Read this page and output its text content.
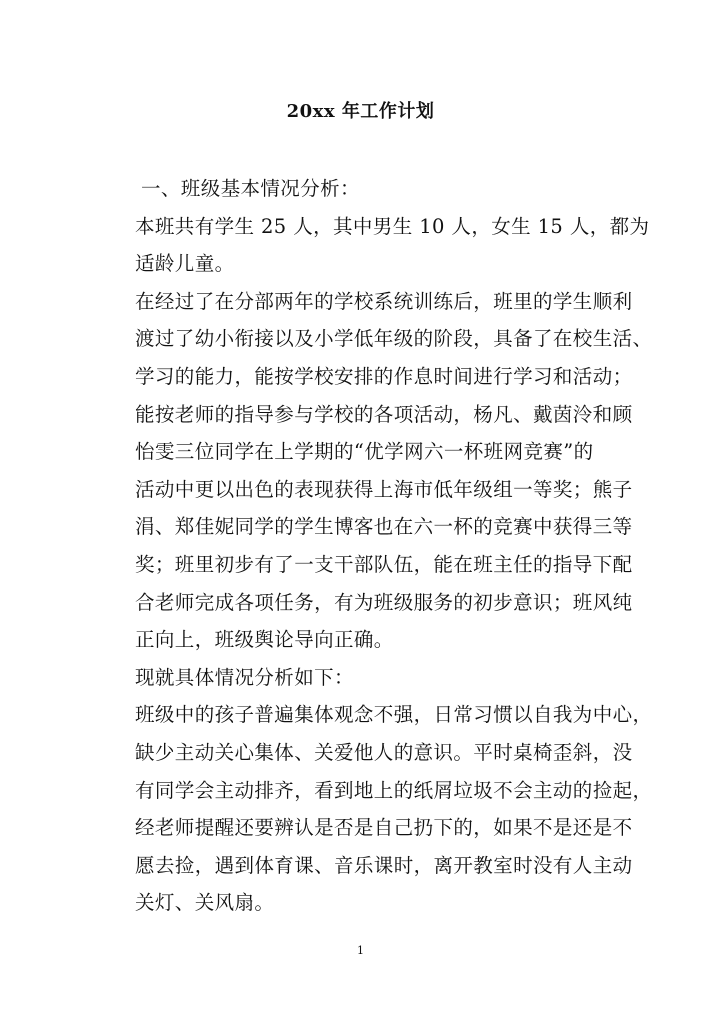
20xx 年工作计划
一、班级基本情况分析：
本班共有学生 25 人，其中男生 10 人，女生 15 人，都为
适龄儿童。
在经过了在分部两年的学校系统训练后，班里的学生顺利
渡过了幼小衔接以及小学低年级的阶段，具备了在校生活、
学习的能力，能按学校安排的作息时间进行学习和活动；
能按老师的指导参与学校的各项活动，杨凡、戴茵泠和顾
怡雯三位同学在上学期的“优学网六一杯班网竞赛”的
活动中更以出色的表现获得上海市低年级组一等奖；熊子
涓、郑佳妮同学的学生博客也在六一杯的竞赛中获得三等
奖；班里初步有了一支干部队伍，能在班主任的指导下配
合老师完成各项任务，有为班级服务的初步意识；班风纯
正向上，班级舆论导向正确。
现就具体情况分析如下：
班级中的孩子普遍集体观念不强，日常习惯以自我为中心，
缺少主动关心集体、关爱他人的意识。平时桌椅歪斜，没
有同学会主动排齐，看到地上的纸屑垃圾不会主动的捡起，
经老师提醒还要辨认是否是自己扔下的，如果不是还是不
愿去捡，遇到体育课、音乐课时，离开教室时没有人主动
关灯、关风扇。
1
